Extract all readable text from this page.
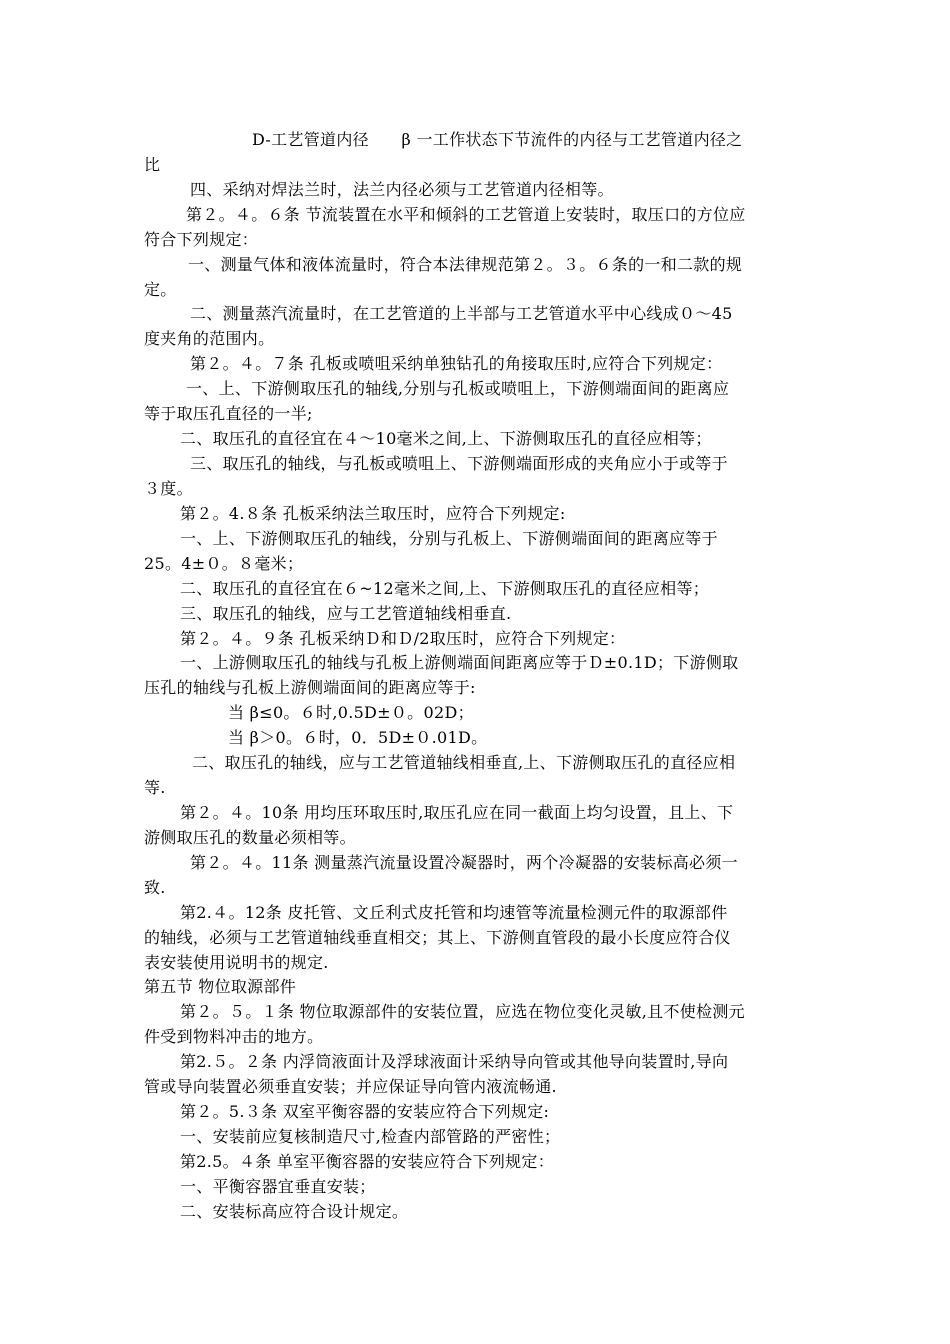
D-工艺管道内径　　β 一工作状态下节流件的内径与工艺管道内径之
比
四、采纳对焊法兰时，法兰内径必须与工艺管道内径相等。
第２。４。６条 节流装置在水平和倾斜的工艺管道上安装时，取压口的方位应
符合下列规定：
一、测量气体和液体流量时，符合本法律规范第２。３。６条的一和二款的规
定。
二、测量蒸汽流量时，在工艺管道的上半部与工艺管道水平中心线成０～45
度夹角的范围内。
第２。４。７条 孔板或喷咀采纳单独钻孔的角接取压时,应符合下列规定：
一、上、下游侧取压孔的轴线,分别与孔板或喷咀上，下游侧端面间的距离应
等于取压孔直径的一半;
二、取压孔的直径宜在４～10毫米之间,上、下游侧取压孔的直径应相等；
三、取压孔的轴线，与孔板或喷咀上、下游侧端面形成的夹角应小于或等于
３度。
第２。4.８条 孔板采纳法兰取压时，应符合下列规定:
一、上、下游侧取压孔的轴线，分别与孔板上、下游侧端面间的距离应等于
25。4±０。８毫米；
二、取压孔的直径宜在６~12毫米之间,上、下游侧取压孔的直径应相等；
三、取压孔的轴线，应与工艺管道轴线相垂直.
第２。４。９条 孔板采纳Ｄ和Ｄ/2取压时，应符合下列规定：
一、上游侧取压孔的轴线与孔板上游侧端面间距离应等于Ｄ±0.1D；下游侧取
压孔的轴线与孔板上游侧端面间的距离应等于:
当 β≤0。６时,0.5D±０。02D；
当 β＞0。６时，0．5D±０.01D。
二、取压孔的轴线，应与工艺管道轴线相垂直,上、下游侧取压孔的直径应相
等.
第２。４。10条 用均压环取压时,取压孔应在同一截面上均匀设置，且上、下
游侧取压孔的数量必须相等。
第２。４。11条 测量蒸汽流量设置冷凝器时，两个冷凝器的安装标高必须一
致.
第2.４。12条 皮托管、文丘利式皮托管和均速管等流量检测元件的取源部件
的轴线，必须与工艺管道轴线垂直相交；其上、下游侧直管段的最小长度应符合仪
表安装使用说明书的规定.
第五节 物位取源部件
第２。５。１条 物位取源部件的安装位置，应选在物位变化灵敏,且不使检测元
件受到物料冲击的地方。
第2.５。２条 内浮筒液面计及浮球液面计采纳导向管或其他导向装置时,导向
管或导向装置必须垂直安装；并应保证导向管内液流畅通.
第２。5.３条 双室平衡容器的安装应符合下列规定:
一、安装前应复核制造尺寸,检查内部管路的严密性；
第2.5。４条 单室平衡容器的安装应符合下列规定：
一、平衡容器宜垂直安装；
二、安装标高应符合设计规定。
